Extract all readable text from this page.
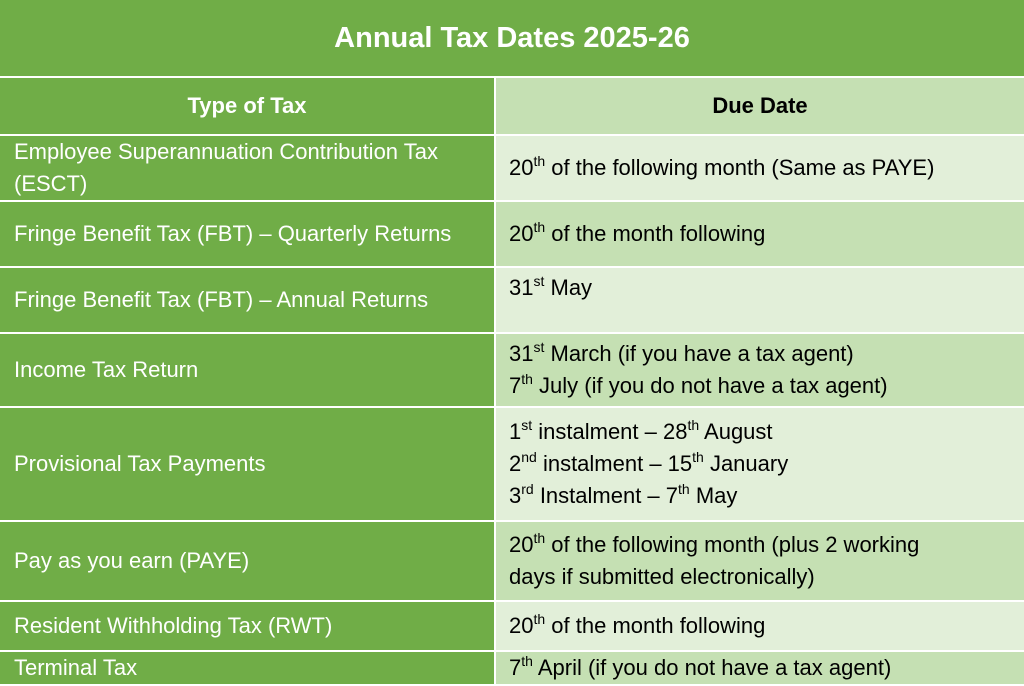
Annual Tax Dates 2025-26	
Type of Tax	Due Date
Employee Superannuation Contribution Tax (ESCT)	20th of the following month (Same as PAYE)

Fringe Benefit Tax (FBT) – Quarterly Returns	20th of the month following

Fringe Benefit Tax (FBT) – Annual Returns	31st May

Income Tax Return	31st March (if you have a tax agent)
7th July (if you do not have a tax agent)

Provisional Tax Payments	1st instalment – 28th August
2nd instalment – 15th January
3rd Instalment – 7th May

Pay as you earn (PAYE)	20th of the following month (plus 2 working
days if submitted electronically)

Resident Withholding Tax (RWT)	20th of the month following

Terminal Tax	7th April (if you do not have a tax agent)
